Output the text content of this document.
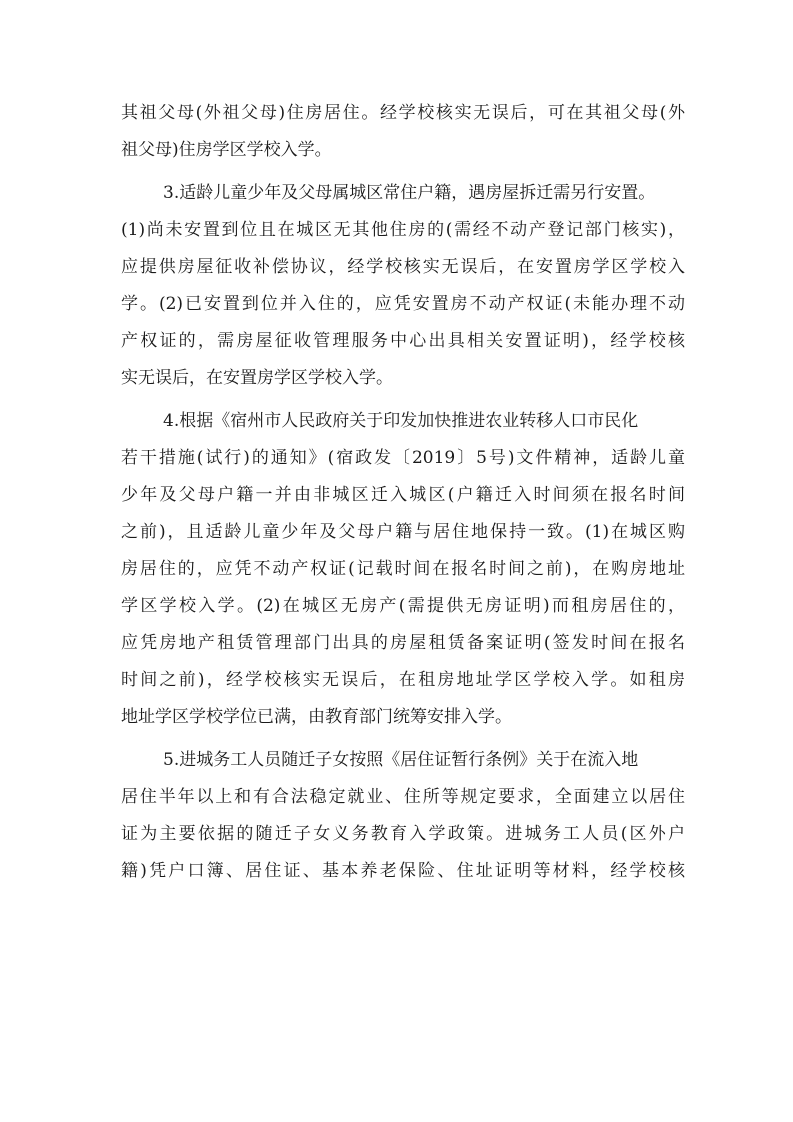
其祖父母(外祖父母)住房居住。经学校核实无误后，可在其祖父母(外
祖父母)住房学区学校入学。
3.适龄儿童少年及父母属城区常住户籍，遇房屋拆迁需另行安置。
(1)尚未安置到位且在城区无其他住房的(需经不动产登记部门核实)，
应提供房屋征收补偿协议，经学校核实无误后，在安置房学区学校入
学。(2)已安置到位并入住的，应凭安置房不动产权证(未能办理不动
产权证的，需房屋征收管理服务中心出具相关安置证明)，经学校核
实无误后，在安置房学区学校入学。
4.根据《宿州市人民政府关于印发加快推进农业转移人口市民化
若干措施(试行)的通知》(宿政发〔2019〕5号)文件精神，适龄儿童
少年及父母户籍一并由非城区迁入城区(户籍迁入时间须在报名时间
之前)，且适龄儿童少年及父母户籍与居住地保持一致。(1)在城区购
房居住的，应凭不动产权证(记载时间在报名时间之前)，在购房地址
学区学校入学。(2)在城区无房产(需提供无房证明)而租房居住的，
应凭房地产租赁管理部门出具的房屋租赁备案证明(签发时间在报名
时间之前)，经学校核实无误后，在租房地址学区学校入学。如租房
地址学区学校学位已满，由教育部门统筹安排入学。
5.进城务工人员随迁子女按照《居住证暂行条例》关于在流入地
居住半年以上和有合法稳定就业、住所等规定要求，全面建立以居住
证为主要依据的随迁子女义务教育入学政策。进城务工人员(区外户
籍)凭户口簿、居住证、基本养老保险、住址证明等材料，经学校核
